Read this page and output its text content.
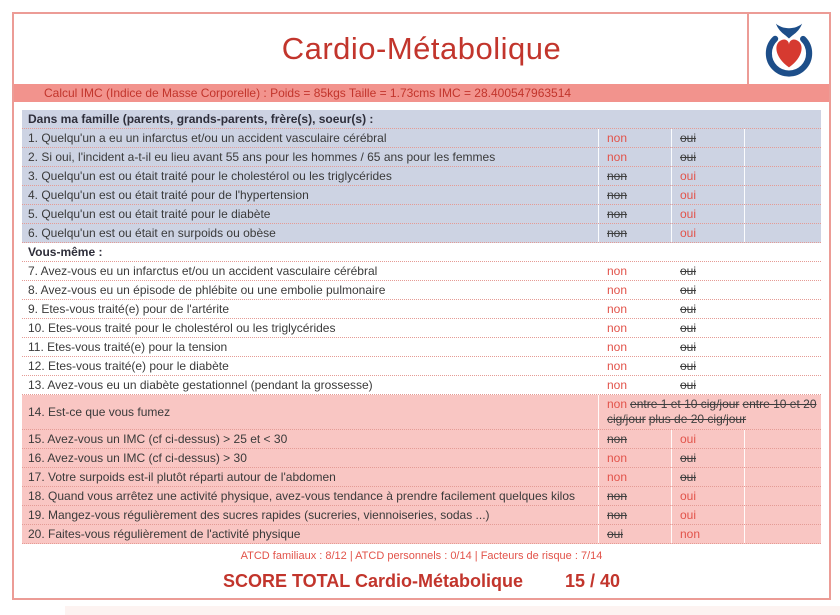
Cardio-Métabolique
Calcul IMC (Indice de Masse Corporelle) : Poids = 85kgs Taille = 1.73cms IMC = 28.400547963514
Dans ma famille (parents, grands-parents, frère(s), soeur(s) :
1. Quelqu'un a eu un infarctus et/ou un accident vasculaire cérébral	non	oui
2. Si oui, l'incident a-t-il eu lieu avant 55 ans pour les hommes / 65 ans pour les femmes	non	oui
3. Quelqu'un est ou était traité pour le cholestérol ou les triglycérides	non	oui
4. Quelqu'un est ou était traité pour de l'hypertension	non	oui
5. Quelqu'un est ou était traité pour le diabète	non	oui
6. Quelqu'un est ou était en surpoids ou obèse	non	oui
Vous-même :
7. Avez-vous eu un infarctus et/ou un accident vasculaire cérébral	non	oui
8. Avez-vous eu un épisode de phlébite ou une embolie pulmonaire	non	oui
9. Etes-vous traité(e) pour de l'artérite	non	oui
10. Etes-vous traité pour le cholestérol ou les triglycérides	non	oui
11. Etes-vous traité(e) pour la tension	non	oui
12. Etes-vous traité(e) pour le diabète	non	oui
13. Avez-vous eu un diabète gestationnel (pendant la grossesse)	non	oui
14. Est-ce que vous fumez
non entre 1 et 10 cig/jour entre 10 et 20 cig/jour plus de 20 cig/jour
15. Avez-vous un IMC (cf ci-dessus) > 25 et < 30	non	oui
16. Avez-vous un IMC (cf ci-dessus) > 30	non	oui
17. Votre surpoids est-il plutôt réparti autour de l'abdomen	non	oui
18. Quand vous arrêtez une activité physique, avez-vous tendance à prendre facilement quelques kilos	non	oui
19. Mangez-vous régulièrement des sucres rapides (sucreries, viennoiseries, sodas ...)	non	oui
20. Faites-vous régulièrement de l'activité physique	oui	non
ATCD familiaux : 8/12 | ATCD personnels : 0/14 | Facteurs de risque : 7/14
SCORE TOTAL Cardio-Métabolique 15 / 40
